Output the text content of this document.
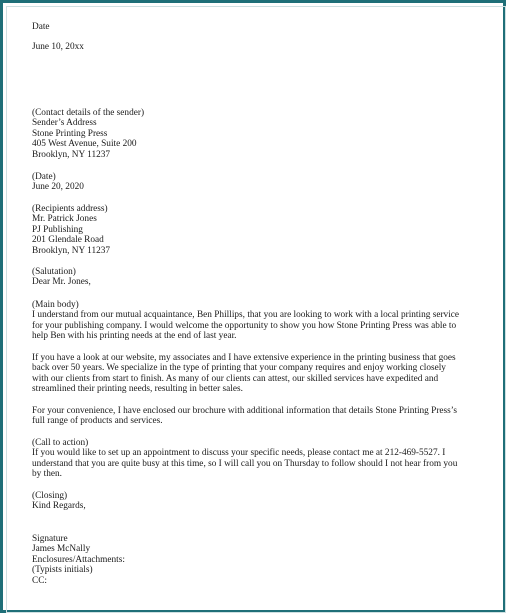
Date
June 10, 20xx
(Contact details of the sender)
Sender’s Address
Stone Printing Press
405 West Avenue, Suite 200
Brooklyn, NY 11237
(Date)
June 20, 2020
(Recipients address)
Mr. Patrick Jones
PJ Publishing
201 Glendale Road
Brooklyn, NY 11237
(Salutation)
Dear Mr. Jones,
(Main body)
I understand from our mutual acquaintance, Ben Phillips, that you are looking to work with a local printing service
for your publishing company. I would welcome the opportunity to show you how Stone Printing Press was able to
help Ben with his printing needs at the end of last year.
If you have a look at our website, my associates and I have extensive experience in the printing business that goes
back over 50 years. We specialize in the type of printing that your company requires and enjoy working closely
with our clients from start to finish. As many of our clients can attest, our skilled services have expedited and
streamlined their printing needs, resulting in better sales.
For your convenience, I have enclosed our brochure with additional information that details Stone Printing Press’s
full range of products and services.
(Call to action)
If you would like to set up an appointment to discuss your specific needs, please contact me at 212-469-5527. I
understand that you are quite busy at this time, so I will call you on Thursday to follow should I not hear from you
by then.
(Closing)
Kind Regards,
Signature
James McNally
Enclosures/Attachments:
(Typists initials)
CC:
